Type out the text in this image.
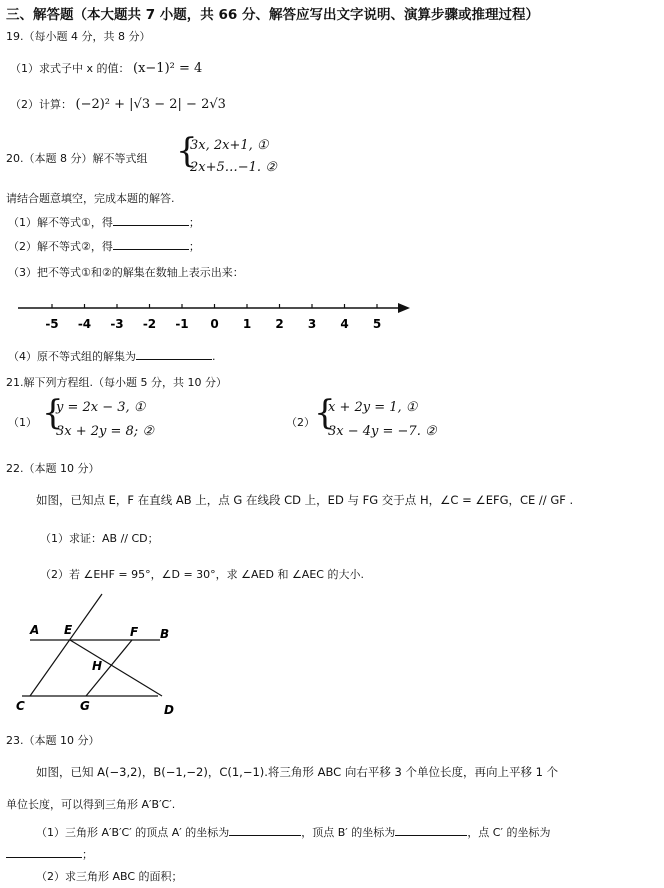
三、解答题（本大题共 7 小题，共 66 分、解答应写出文字说明、演算步骤或推理过程）
19.（每小题 4 分，共 8 分）
（1）求式子中 x 的值： (x−1)² = 4
（2）计算： (−2)² + |√3 − 2| − 2√3
20.（本题 8 分）解不等式组 {
3x, 2x+1, ①
2x+5…−1. ②
请结合题意填空，完成本题的解答.
（1）解不等式①，得	；
（2）解不等式②，得	；
（3）把不等式①和②的解集在数轴上表示出来：
-5 -4 -3 -2 -1 0 1 2 3 4 5
（4）原不等式组的解集为	.
21.解下列方程组.（每小题 5 分，共 10 分）
（1） {
y = 2x − 3, ①
3x + 2y = 8; ②
（2） {
x + 2y = 1, ①
3x − 4y = −7. ②
22.（本题 10 分）
如图，已知点 E，F 在直线 AB 上，点 G 在线段 CD 上，ED 与 FG 交于点 H，∠C = ∠EFG，CE // GF .
（1）求证：AB // CD；
（2）若 ∠EHF = 95°，∠D = 30°，求 ∠AED 和 ∠AEC 的大小.
A E	F B
H
C	G	D
23.（本题 10 分）
如图，已知 A(−3,2)，B(−1,−2)，C(1,−1).将三角形 ABC 向右平移 3 个单位长度，再向上平移 1 个
单位长度，可以得到三角形 A′B′C′.
（1）三角形 A′B′C′ 的顶点 A′ 的坐标为	，顶点 B′ 的坐标为	，点 C′ 的坐标为
；
（2）求三角形 ABC 的面积；
